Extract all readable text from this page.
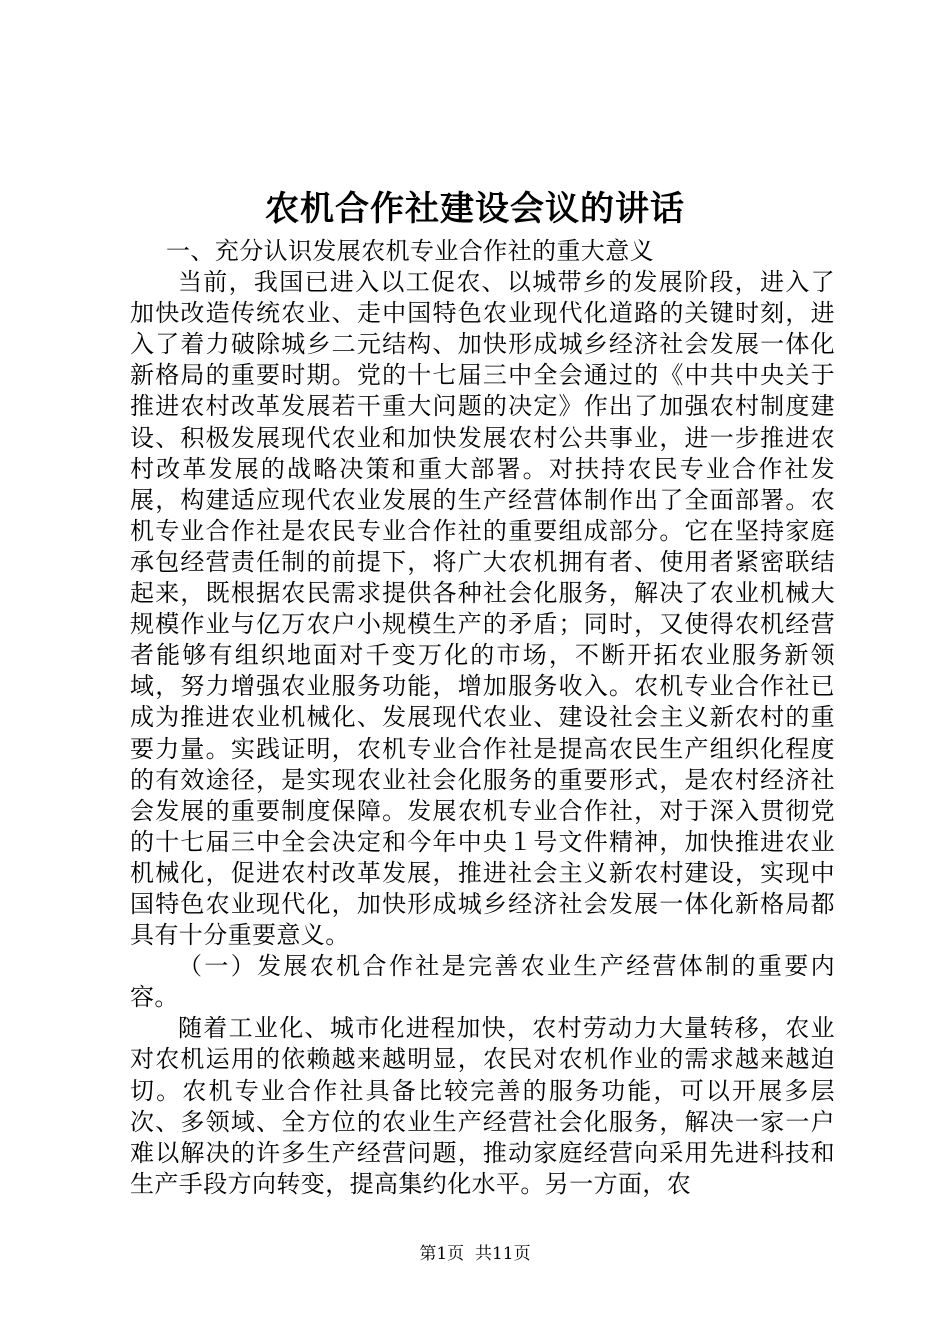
农机合作社建设会议的讲话

一、充分认识发展农机专业合作社的重大意义

当前，我国已进入以工促农、以城带乡的发展阶段，进入了加快改造传统农业、走中国特色农业现代化道路的关键时刻，进入了着力破除城乡二元结构、加快形成城乡经济社会发展一体化新格局的重要时期。党的十七届三中全会通过的《中共中央关于推进农村改革发展若干重大问题的决定》作出了加强农村制度建设、积极发展现代农业和加快发展农村公共事业，进一步推进农村改革发展的战略决策和重大部署。对扶持农民专业合作社发展，构建适应现代农业发展的生产经营体制作出了全面部署。农机专业合作社是农民专业合作社的重要组成部分。它在坚持家庭承包经营责任制的前提下，将广大农机拥有者、使用者紧密联结起来，既根据农民需求提供各种社会化服务，解决了农业机械大规模作业与亿万农户小规模生产的矛盾；同时，又使得农机经营者能够有组织地面对千变万化的市场，不断开拓农业服务新领域，努力增强农业服务功能，增加服务收入。农机专业合作社已成为推进农业机械化、发展现代农业、建设社会主义新农村的重要力量。实践证明，农机专业合作社是提高农民生产组织化程度的有效途径，是实现农业社会化服务的重要形式，是农村经济社会发展的重要制度保障。发展农机专业合作社，对于深入贯彻党的十七届三中全会决定和今年中央１号文件精神，加快推进农业机械化，促进农村改革发展，推进社会主义新农村建设，实现中国特色农业现代化，加快形成城乡经济社会发展一体化新格局都具有十分重要意义。

（一）发展农机合作社是完善农业生产经营体制的重要内容。

随着工业化、城市化进程加快，农村劳动力大量转移，农业对农机运用的依赖越来越明显，农民对农机作业的需求越来越迫切。农机专业合作社具备比较完善的服务功能，可以开展多层次、多领域、全方位的农业生产经营社会化服务，解决一家一户难以解决的许多生产经营问题，推动家庭经营向采用先进科技和生产手段方向转变，提高集约化水平。另一方面，农

第1页  共11页
